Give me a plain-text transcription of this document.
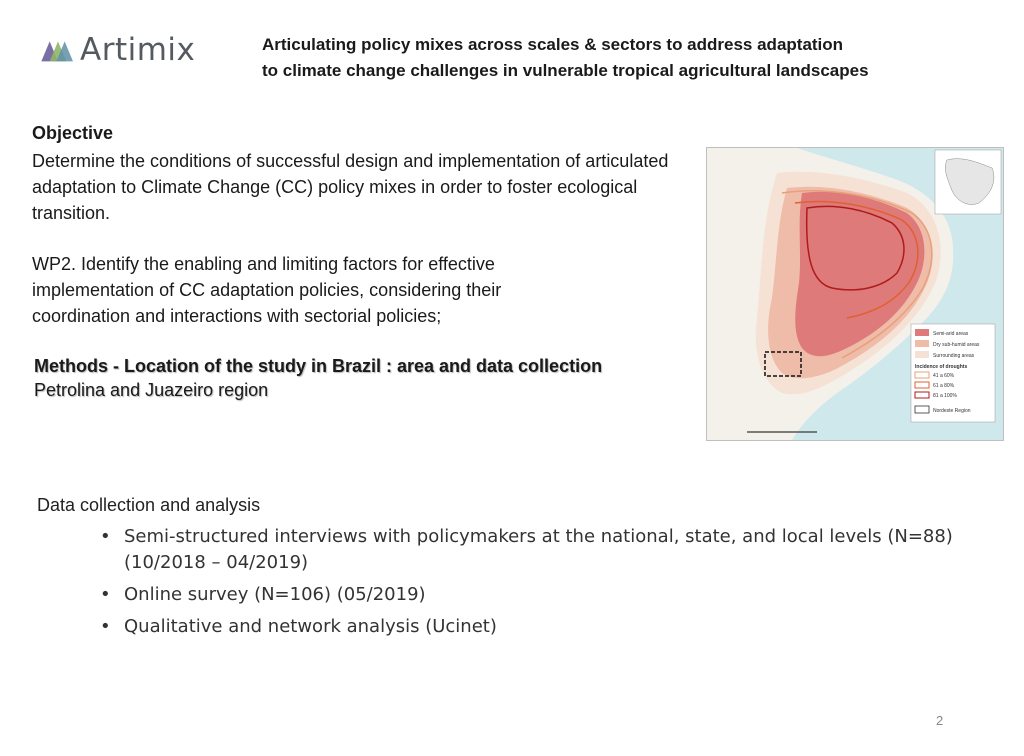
Artimix	Articulating policy mixes across scales & sectors to address adaptation
to climate change challenges in vulnerable tropical agricultural landscapes
Objective
Determine the conditions of successful design and implementation of articulated adaptation to Climate Change (CC) policy mixes in order to foster ecological transition.
WP2. Identify the enabling and limiting factors for effective implementation of CC adaptation policies, considering their coordination and interactions with sectorial policies;
Methods - Location of the study in Brazil : area and data collection
Petrolina and Juazeiro region
Semi-arid areas
Dry sub-humid areas
Surrounding areas
Incidence of droughts
41 a 60%
61 a 80%
81 a 100%
Nordeste Region
Data collection and analysis
• Semi-structured interviews with policymakers at the national, state, and local levels (N=88) (10/2018 – 04/2019)
• Online survey (N=106) (05/2019)
• Qualitative and network analysis (Ucinet)
2
